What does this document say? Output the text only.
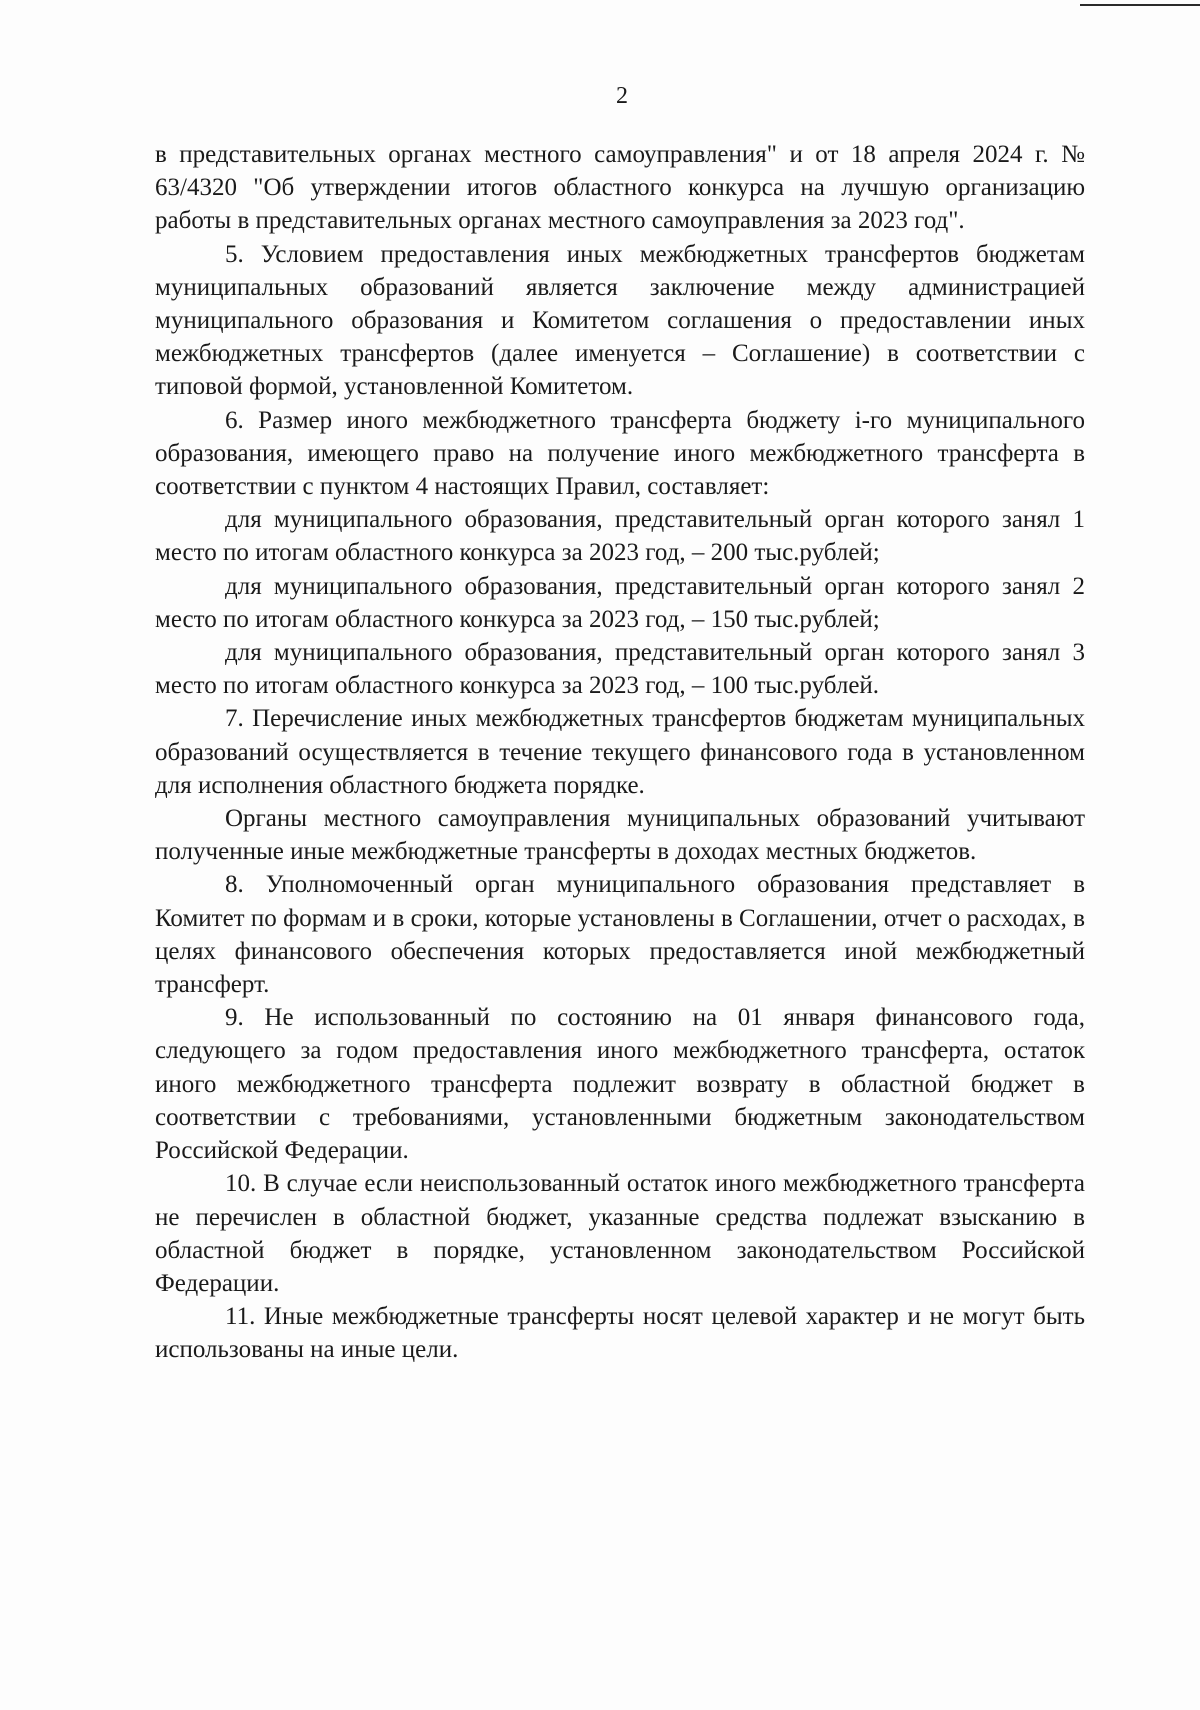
2

в представительных органах местного самоуправления" и от 18 апреля 2024 г. № 63/4320 "Об утверждении итогов областного конкурса на лучшую организацию работы в представительных органах местного самоуправления за 2023 год".

5. Условием предоставления иных межбюджетных трансфертов бюджетам муниципальных образований является заключение между администрацией муниципального образования и Комитетом соглашения о предоставлении иных межбюджетных трансфертов (далее именуется – Соглашение) в соответствии с типовой формой, установленной Комитетом.

6. Размер иного межбюджетного трансферта бюджету i-го муниципального образования, имеющего право на получение иного межбюджетного трансферта в соответствии с пунктом 4 настоящих Правил, составляет:

для муниципального образования, представительный орган которого занял 1 место по итогам областного конкурса за 2023 год, – 200 тыс.рублей;

для муниципального образования, представительный орган которого занял 2 место по итогам областного конкурса за 2023 год, – 150 тыс.рублей;

для муниципального образования, представительный орган которого занял 3 место по итогам областного конкурса за 2023 год, – 100 тыс.рублей.

7. Перечисление иных межбюджетных трансфертов бюджетам муниципальных образований осуществляется в течение текущего финансового года в установленном для исполнения областного бюджета порядке.

Органы местного самоуправления муниципальных образований учитывают полученные иные межбюджетные трансферты в доходах местных бюджетов.

8. Уполномоченный орган муниципального образования представляет в Комитет по формам и в сроки, которые установлены в Соглашении, отчет о расходах, в целях финансового обеспечения которых предоставляется иной межбюджетный трансферт.

9. Не использованный по состоянию на 01 января финансового года, следующего за годом предоставления иного межбюджетного трансферта, остаток иного межбюджетного трансферта подлежит возврату в областной бюджет в соответствии с требованиями, установленными бюджетным законодательством Российской Федерации.

10. В случае если неиспользованный остаток иного межбюджетного трансферта не перечислен в областной бюджет, указанные средства подлежат взысканию в областной бюджет в порядке, установленном законодательством Российской Федерации.

11. Иные межбюджетные трансферты носят целевой характер и не могут быть использованы на иные цели.
